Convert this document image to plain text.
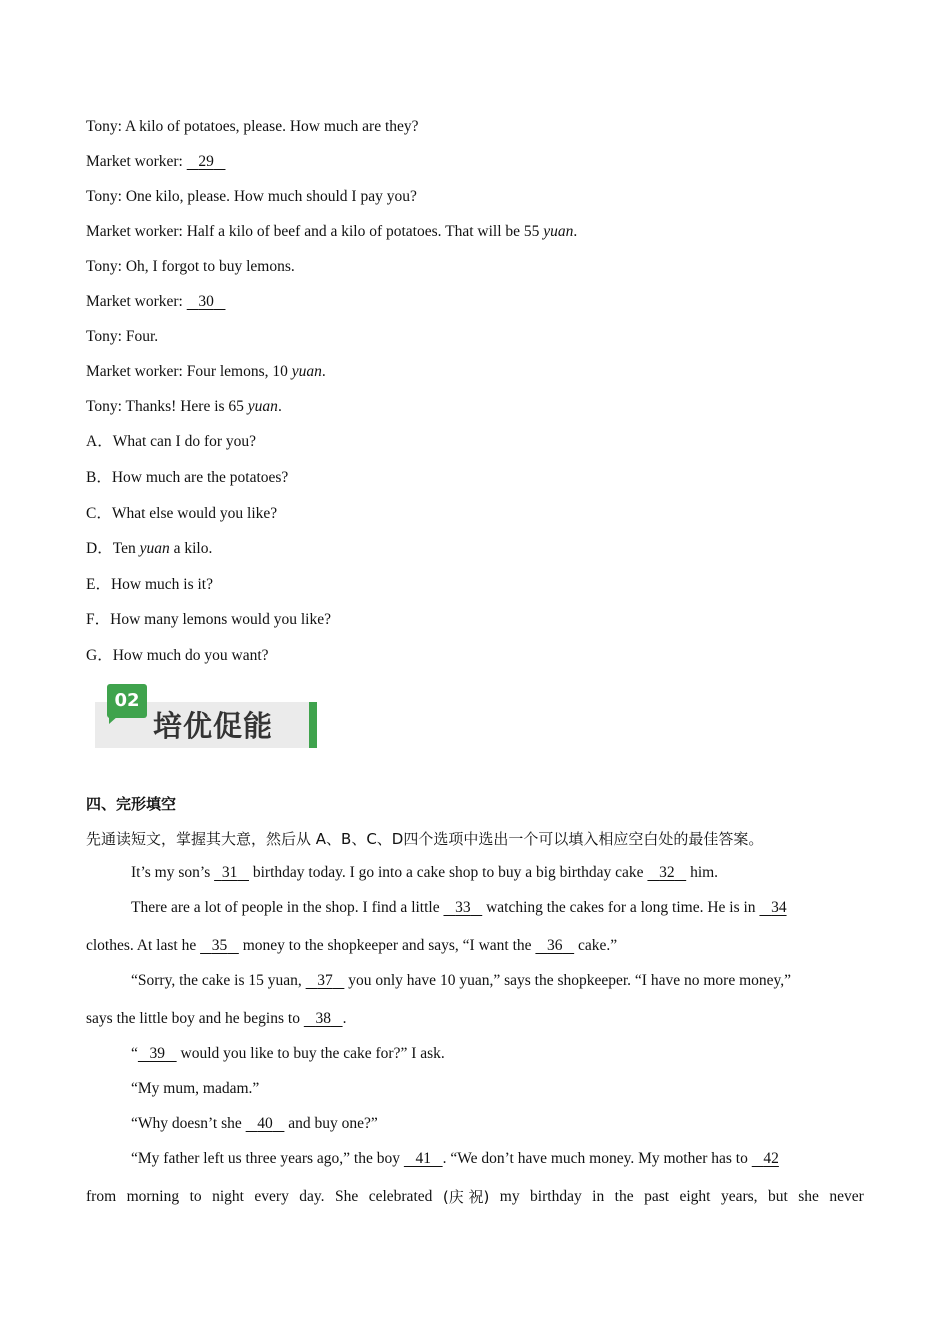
Tony: A kilo of potatoes, please. How much are they?
Market worker: 29
Tony: One kilo, please. How much should I pay you?
Market worker: Half a kilo of beef and a kilo of potatoes. That will be 55 yuan.
Tony: Oh, I forgot to buy lemons.
Market worker: 30
Tony: Four.
Market worker: Four lemons, 10 yuan.
Tony: Thanks! Here is 65 yuan.
A．What can I do for you?
B．How much are the potatoes?
C．What else would you like?
D．Ten yuan a kilo.
E．How much is it?
F．How many lemons would you like?
G．How much do you want?
02
培优促能
四、完形填空
先通读短文，掌握其大意，然后从 A、B、C、D四个选项中选出一个可以填入相应空白处的最佳答案。
It’s my son’s   31    birthday today. I go into a cake shop to buy a big birthday cake    32    him.
There are a lot of people in the shop. I find a little    33    watching the cakes for a long time. He is in    34
clothes. At last he    35    money to the shopkeeper and says, “I want the    36    cake.”
“Sorry, the cake is 15 yuan,    37    you only have 10 yuan,” says the shopkeeper. “I have no more money,”
says the little boy and he begins to    38 .
“ 39    would you like to buy the cake for?” I ask.
“My mum, madam.”
“Why doesn’t she    40    and buy one?”
“My father left us three years ago,” the boy    41 . “We don’t have much money. My mother has to    42
from morning to night every day. She celebrated (庆 祝) my birthday in the past eight years, but she never
